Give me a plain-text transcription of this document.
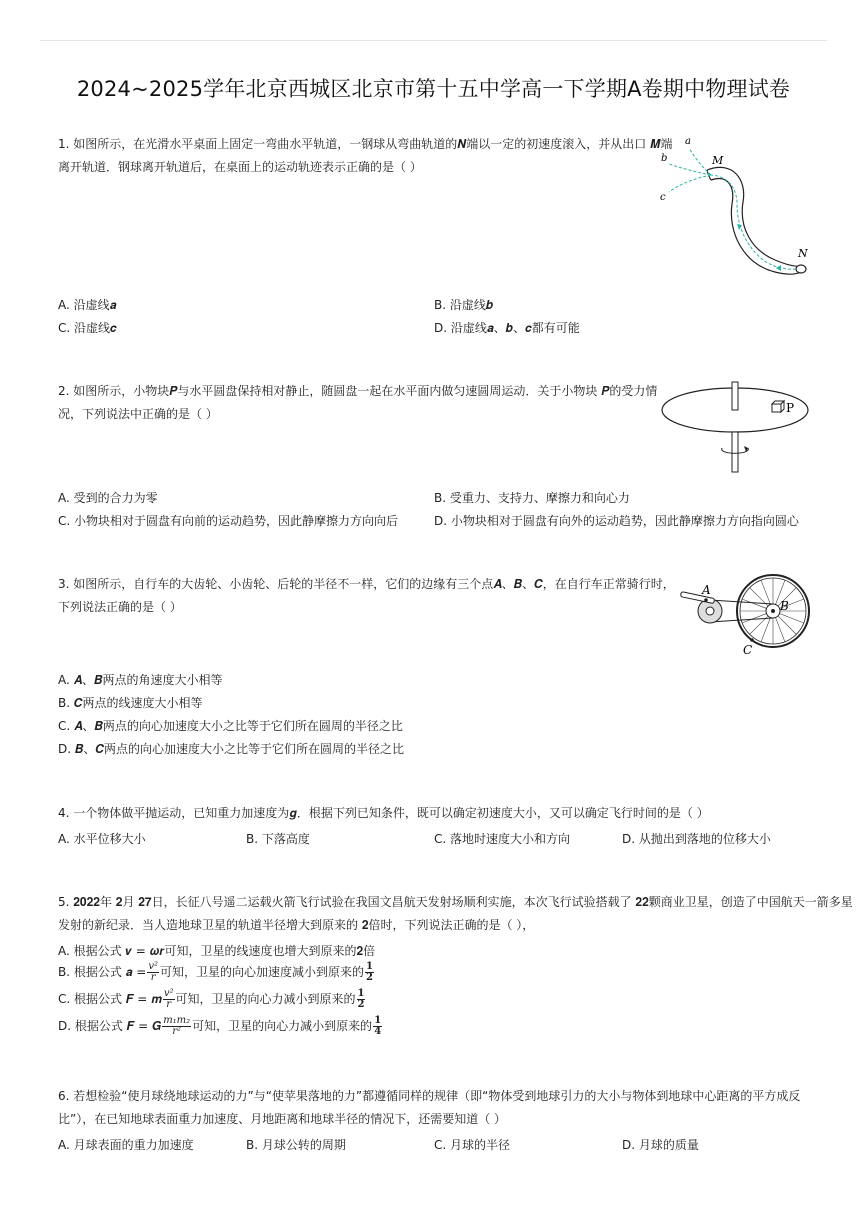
2024~2025学年北京西城区北京市第十五中学高一下学期A卷期中物理试卷
1. 如图所示，在光滑水平桌面上固定一弯曲水平轨道，一钢球从弯曲轨道的𝑵端以一定的初速度滚入，并从出口 𝑴端
离开轨道．钢球离开轨道后，在桌面上的运动轨迹表示正确的是（ ）
a
b	M
c
N
A. 沿虚线𝒂	B. 沿虚线𝒃
C. 沿虚线𝒄	D. 沿虚线𝒂、𝒃、𝒄都有可能
2. 如图所示，小物块𝑷与水平圆盘保持相对静止，随圆盘一起在水平面内做匀速圆周运动．关于小物块 𝑷的受力情
况，下列说法中正确的是（ ）	P
A. 受到的合力为零	B. 受重力、支持力、摩擦力和向心力
C. 小物块相对于圆盘有向前的运动趋势，因此静摩擦力方向向后	D. 小物块相对于圆盘有向外的运动趋势，因此静摩擦力方向指向圆心
3. 如图所示，自行车的大齿轮、小齿轮、后轮的半径不一样，它们的边缘有三个点𝑨、𝑩、𝑪，在自行车正常骑行时，
下列说法正确的是（ ）
A
B
C
A. 𝑨、𝑩两点的角速度大小相等
B. 𝑪两点的线速度大小相等
C. 𝑨、𝑩两点的向心加速度大小之比等于它们所在圆周的半径之比
D. 𝑩、𝑪两点的向心加速度大小之比等于它们所在圆周的半径之比
4. 一个物体做平抛运动，已知重力加速度为𝒈．根据下列已知条件，既可以确定初速度大小，又可以确定飞行时间的是（ ）
A. 水平位移大小	B. 下落高度	C. 落地时速度大小和方向	D. 从抛出到落地的位移大小
5. 𝟐𝟎𝟐𝟐年 𝟐月 𝟐𝟕日，长征八号遥二运载火箭飞行试验在我国文昌航天发射场顺利实施，本次飞行试验搭载了 𝟐𝟐颗商业卫星，创造了中国航天一箭多星
发射的新纪录．当人造地球卫星的轨道半径增大到原来的 𝟐倍时，下列说法正确的是（ ），
A. 根据公式 𝒗 = 𝝎𝒓可知，卫星的线速度也增大到原来的𝟐倍
B. 根据公式 𝒂 = $\frac{\text{v²}}{r}$ 可知，卫星的向心加速度减小到原来的 $\frac{1}{2}$
C. 根据公式 𝑭 = 𝒎 $\frac{\text{v²}}{r}$ 可知，卫星的向心力减小到原来的 $\frac{1}{2}$
D. 根据公式 𝑭 = 𝑮 $\frac{\text{m₁m₂}}{\text{r²}}$ 可知，卫星的向心力减小到原来的 $\frac{1}{4}$
6. 若想检验“使月球绕地球运动的力”与“使苹果落地的力”都遵循同样的规律（即“物体受到地球引力的大小与物体到地球中心距离的平方成反
比”），在已知地球表面重力加速度、月地距离和地球半径的情况下，还需要知道（ ）
A. 月球表面的重力加速度	B. 月球公转的周期	C. 月球的半径	D. 月球的质量
